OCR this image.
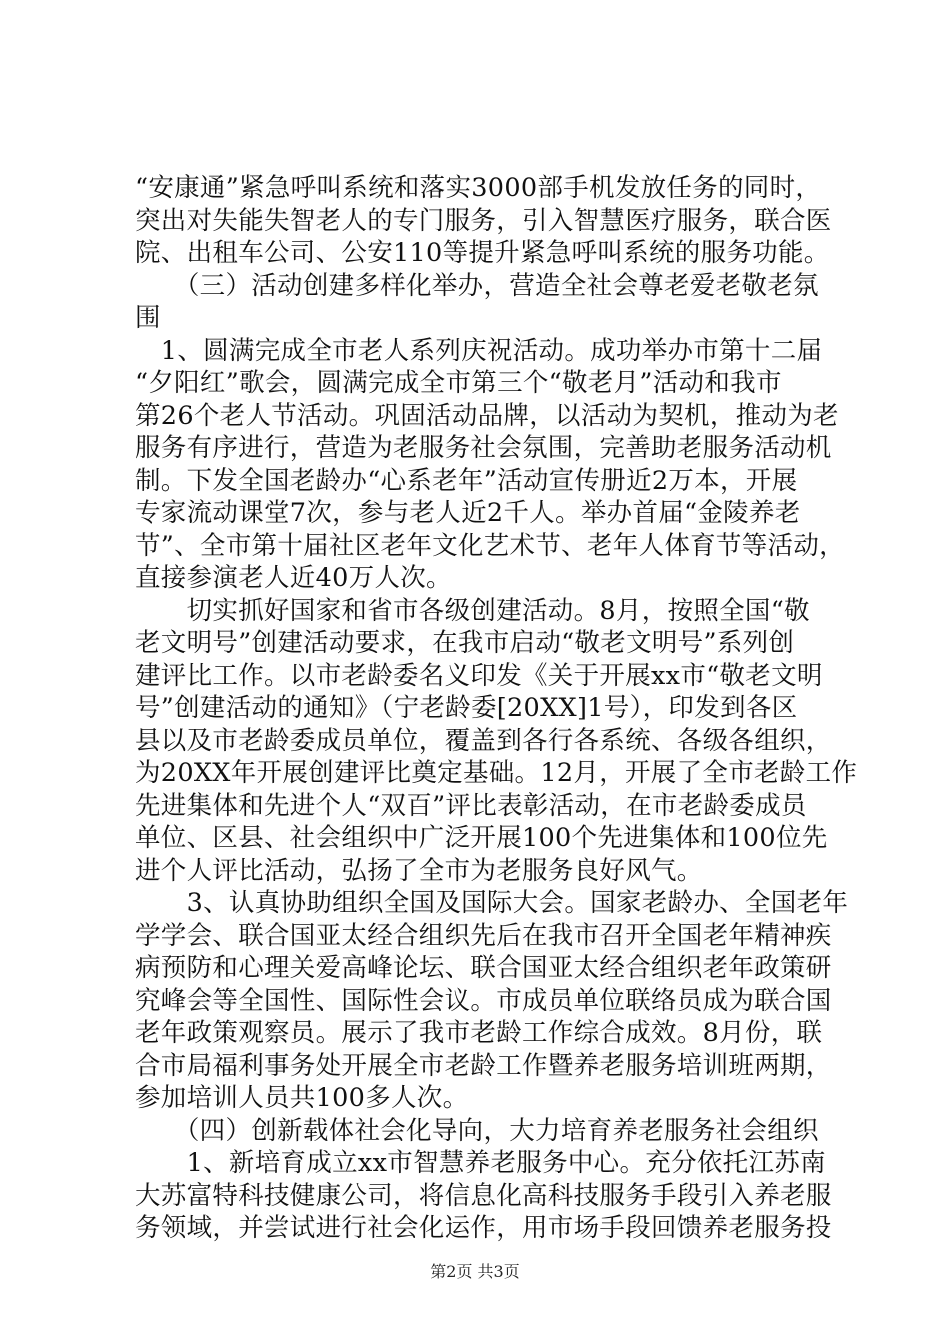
“安康通”紧急呼叫系统和落实3000部手机发放任务的同时，
突出对失能失智老人的专门服务，引入智慧医疗服务，联合医
院、出租车公司、公安110等提升紧急呼叫系统的服务功能。
　　（三）活动创建多样化举办，营造全社会尊老爱老敬老氛
围
　1、圆满完成全市老人系列庆祝活动。成功举办市第十二届
“夕阳红”歌会，圆满完成全市第三个“敬老月”活动和我市
第26个老人节活动。巩固活动品牌，以活动为契机，推动为老
服务有序进行，营造为老服务社会氛围，完善助老服务活动机
制。下发全国老龄办“心系老年”活动宣传册近2万本，开展
专家流动课堂7次，参与老人近2千人。举办首届“金陵养老
节”、全市第十届社区老年文化艺术节、老年人体育节等活动，
直接参演老人近40万人次。
　　切实抓好国家和省市各级创建活动。8月，按照全国“敬
老文明号”创建活动要求，在我市启动“敬老文明号”系列创
建评比工作。以市老龄委名义印发《关于开展xx市“敬老文明
号”创建活动的通知》（宁老龄委[20XX]1号），印发到各区
县以及市老龄委成员单位，覆盖到各行各系统、各级各组织，
为20XX年开展创建评比奠定基础。12月，开展了全市老龄工作
先进集体和先进个人“双百”评比表彰活动，在市老龄委成员
单位、区县、社会组织中广泛开展100个先进集体和100位先
进个人评比活动，弘扬了全市为老服务良好风气。
　　3、认真协助组织全国及国际大会。国家老龄办、全国老年
学学会、联合国亚太经合组织先后在我市召开全国老年精神疾
病预防和心理关爱高峰论坛、联合国亚太经合组织老年政策研
究峰会等全国性、国际性会议。市成员单位联络员成为联合国
老年政策观察员。展示了我市老龄工作综合成效。8月份，联
合市局福利事务处开展全市老龄工作暨养老服务培训班两期，
参加培训人员共100多人次。
　　（四）创新载体社会化导向，大力培育养老服务社会组织
　　1、新培育成立xx市智慧养老服务中心。充分依托江苏南
大苏富特科技健康公司，将信息化高科技服务手段引入养老服
务领域，并尝试进行社会化运作，用市场手段回馈养老服务投
第2页 共3页
